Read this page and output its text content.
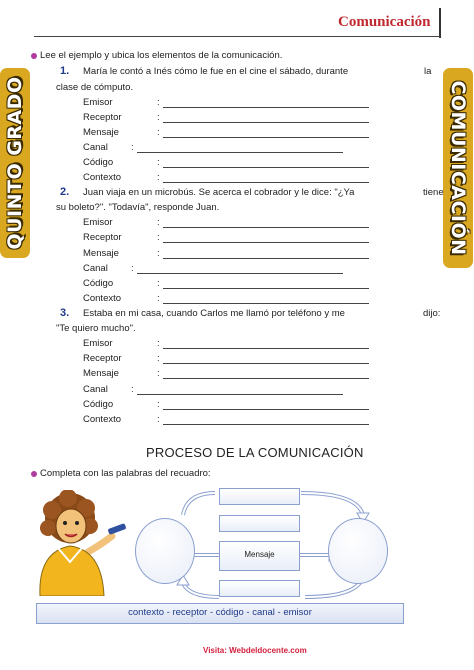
Comunicación
QUINTO GRADO	COMUNICACIÓN
Lee el ejemplo y ubica los elementos de la comunicación.
1. María le contó a Inés cómo le fue en el cine el sábado, durante	la
clase de cómputo.
Emisor	:
Receptor	:
Mensaje	:
Canal :
Código	:
Contexto	:
2. Juan viaja en un microbús. Se acerca el cobrador y le dice: "¿Ya	tiene
su boleto?". "Todavía", responde Juan.
Emisor	:
Receptor	:
Mensaje	:
Canal :
Código	:
Contexto	:
3. Estaba en mi casa, cuando Carlos me llamó por teléfono y me	dijo:
"Te quiero mucho".
Emisor	:
Receptor	:
Mensaje	:
Canal :
Código	:
Contexto	:
PROCESO DE LA COMUNICACIÓN
Completa con las palabras del recuadro:
Mensaje
contexto - receptor - código - canal - emisor
Visita: Webdeldocente.com
